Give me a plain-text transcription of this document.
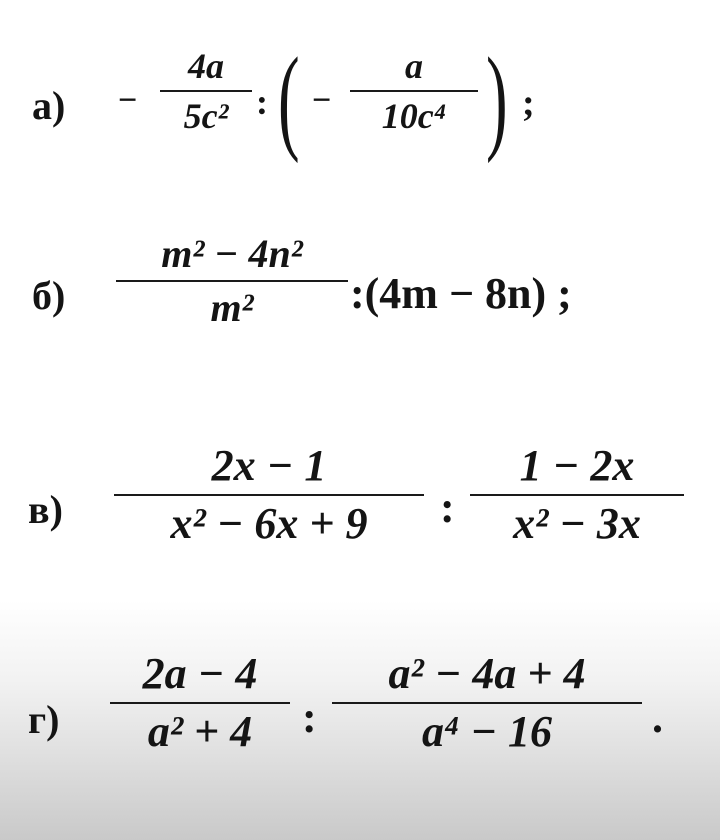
а) −
4a
5c² : ( −
a
10c⁴ ) ;
б)
m² − 4n²
m² :(4m − 8n) ;
в)
2x − 1
x² − 6x + 9 :
1 − 2x
x² − 3x
г)
2a − 4
a² + 4 :
a² − 4a + 4
a⁴ − 16 .
